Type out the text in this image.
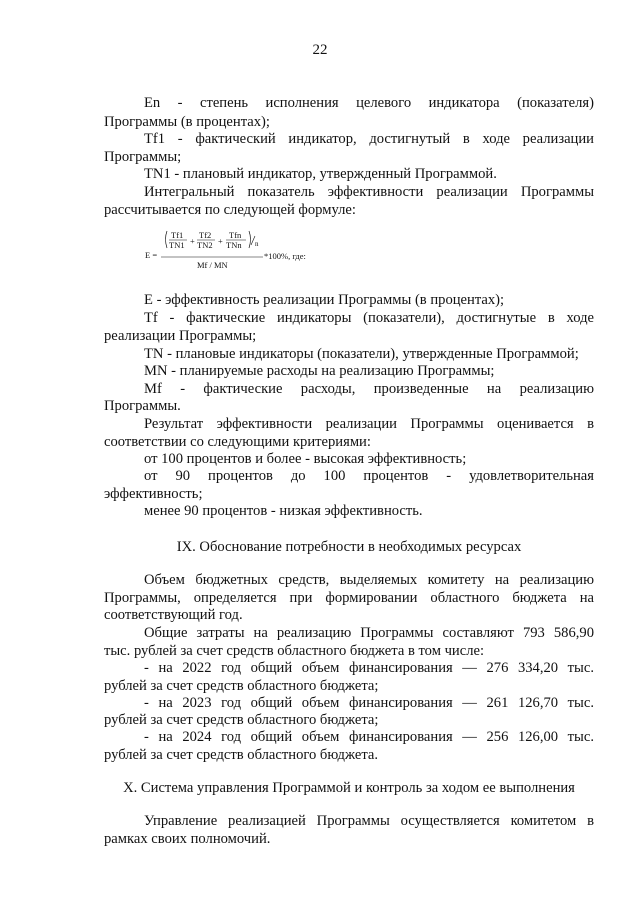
22
En - степень исполнения целевого индикатора (показателя)
Программы (в процентах);
Tf1 - фактический индикатор, достигнутый в ходе реализации
Программы;
TN1 - плановый индикатор, утвержденный Программой.
Интегральный показатель эффективности реализации Программы
рассчитывается по следующей формуле:
E =
Tf1
TN1 +
Tf2
TN2 +
Tfn
TNn n
Mf / MN
*100%, где:
E - эффективность реализации Программы (в процентах);
Tf - фактические индикаторы (показатели), достигнутые в ходе
реализации Программы;
TN - плановые индикаторы (показатели), утвержденные Программой;
MN - планируемые расходы на реализацию Программы;
Mf - фактические расходы, произведенные на реализацию
Программы.
Результат эффективности реализации Программы оценивается в
соответствии со следующими критериями:
от 100 процентов и более - высокая эффективность;
от 90 процентов до 100 процентов - удовлетворительная
эффективность;
менее 90 процентов - низкая эффективность.
IX. Обоснование потребности в необходимых ресурсах
Объем бюджетных средств, выделяемых комитету на реализацию
Программы, определяется при формировании областного бюджета на
соответствующий год.
Общие затраты на реализацию Программы составляют 793 586,90
тыс. рублей за счет средств областного бюджета в том числе:
- на 2022 год общий объем финансирования — 276 334,20 тыс.
рублей за счет средств областного бюджета;
- на 2023 год общий объем финансирования — 261 126,70 тыс.
рублей за счет средств областного бюджета;
- на 2024 год общий объем финансирования — 256 126,00 тыс.
рублей за счет средств областного бюджета.
X. Система управления Программой и контроль за ходом ее выполнения
Управление реализацией Программы осуществляется комитетом в
рамках своих полномочий.
